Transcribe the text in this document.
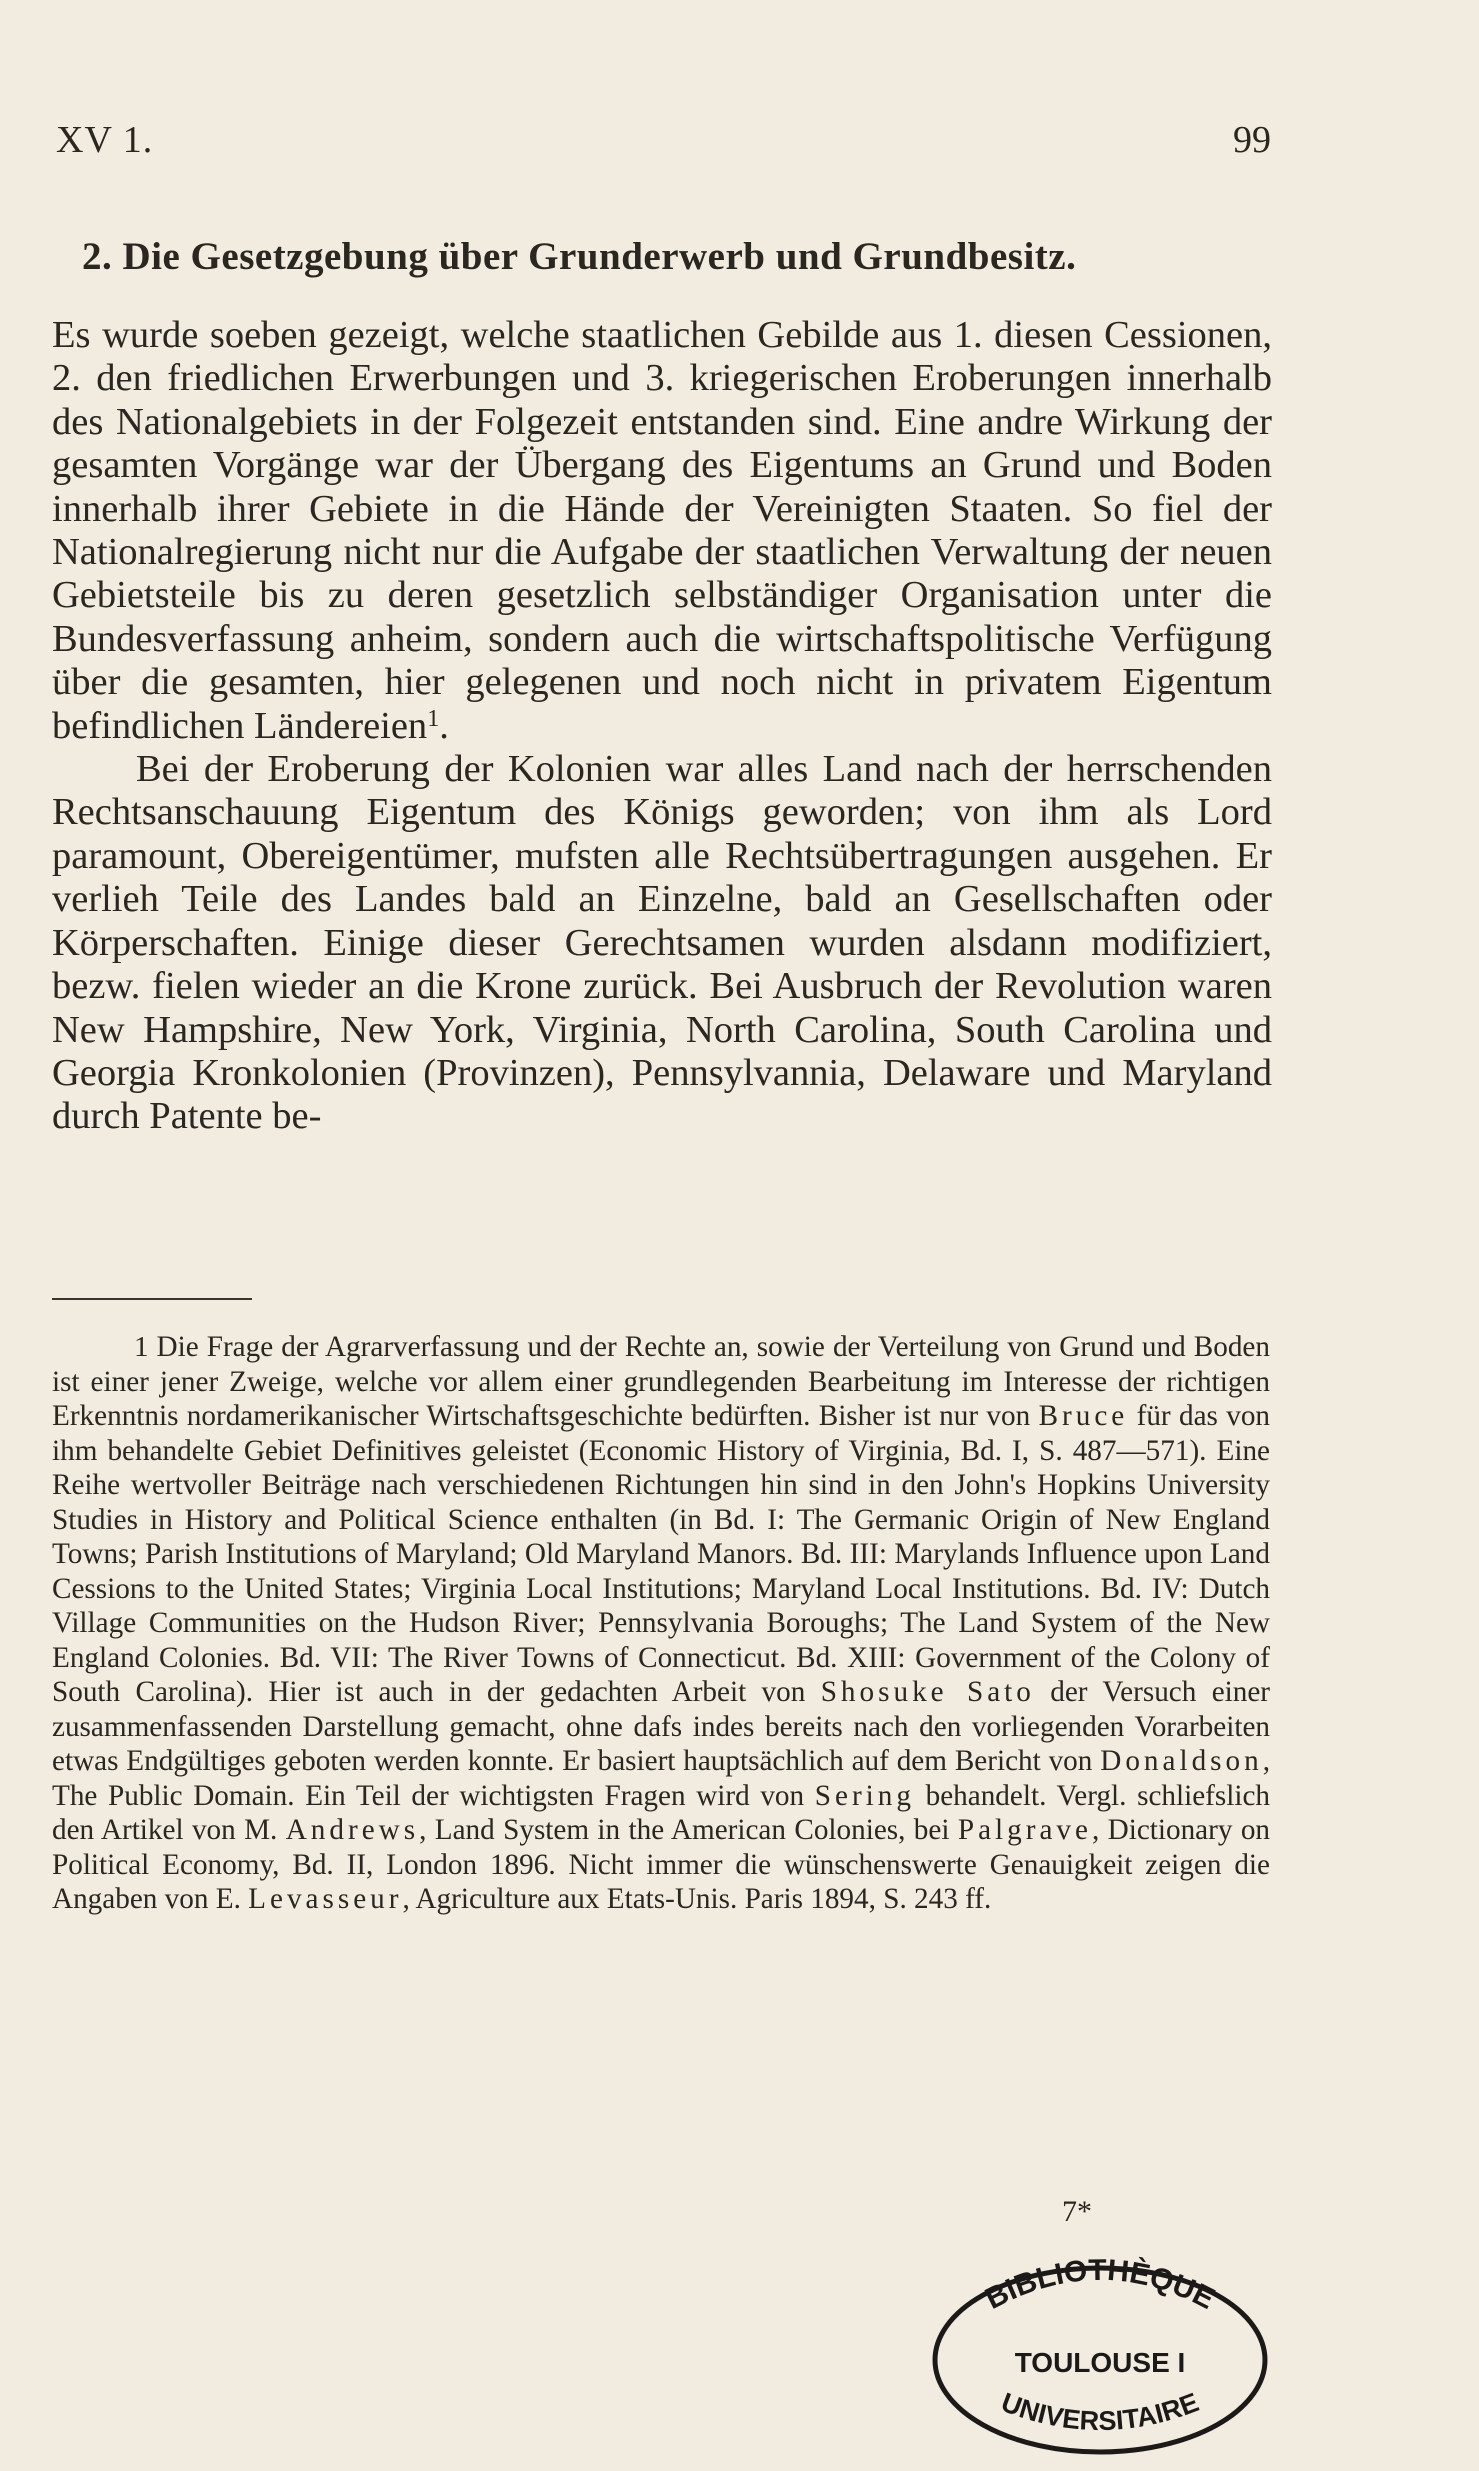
XV 1.	99
2. Die Gesetzgebung über Grunderwerb und Grundbesitz.

Es wurde soeben gezeigt, welche staatlichen Gebilde aus 1. diesen Cessionen, 2. den friedlichen Erwerbungen und 3. kriegerischen Eroberungen innerhalb des Nationalgebiets in der Folgezeit entstanden sind. Eine andre Wirkung der gesamten Vorgänge war der Übergang des Eigentums an Grund und Boden innerhalb ihrer Gebiete in die Hände der Vereinigten Staaten. So fiel der Nationalregierung nicht nur die Aufgabe der staatlichen Verwaltung der neuen Gebietsteile bis zu deren gesetzlich selbständiger Organisation unter die Bundesverfassung anheim, sondern auch die wirtschaftspolitische Verfügung über die gesamten, hier gelegenen und noch nicht in privatem Eigentum befindlichen Ländereien$^1$.

Bei der Eroberung der Kolonien war alles Land nach der herrschenden Rechtsanschauung Eigentum des Königs geworden; von ihm als Lord paramount, Obereigentümer, mufsten alle Rechtsübertragungen ausgehen. Er verlieh Teile des Landes bald an Einzelne, bald an Gesellschaften oder Körperschaften. Einige dieser Gerechtsamen wurden alsdann modifiziert, bezw. fielen wieder an die Krone zurück. Bei Ausbruch der Revolution waren New Hampshire, New York, Virginia, North Carolina, South Carolina und Georgia Kronkolonien (Provinzen), Pennsylvannia, Delaware und Maryland durch Patente be-

1 Die Frage der Agrarverfassung und der Rechte an, sowie der Verteilung von Grund und Boden ist einer jener Zweige, welche vor allem einer grundlegenden Bearbeitung im Interesse der richtigen Erkenntnis nordamerikanischer Wirtschaftsgeschichte bedürften. Bisher ist nur von Bruce für das von ihm behandelte Gebiet Definitives geleistet (Economic History of Virginia, Bd. I, S. 487—571). Eine Reihe wertvoller Beiträge nach verschiedenen Richtungen hin sind in den John's Hopkins University Studies in History and Political Science enthalten (in Bd. I: The Germanic Origin of New England Towns; Parish Institutions of Maryland; Old Maryland Manors. Bd. III: Marylands Influence upon Land Cessions to the United States; Virginia Local Institutions; Maryland Local Institutions. Bd. IV: Dutch Village Communities on the Hudson River; Pennsylvania Boroughs; The Land System of the New England Colonies. Bd. VII: The River Towns of Connecticut. Bd. XIII: Government of the Colony of South Carolina). Hier ist auch in der gedachten Arbeit von Shosuke Sato der Versuch einer zusammenfassenden Darstellung gemacht, ohne dafs indes bereits nach den vorliegenden Vorarbeiten etwas Endgültiges geboten werden konnte. Er basiert hauptsächlich auf dem Bericht von Donaldson, The Public Domain. Ein Teil der wichtigsten Fragen wird von Sering behandelt. Vergl. schliefslich den Artikel von M. Andrews, Land System in the American Colonies, bei Palgrave, Dictionary on Political Economy, Bd. II, London 1896. Nicht immer die wünschenswerte Genauigkeit zeigen die Angaben von E. Levasseur, Agriculture aux Etats-Unis. Paris 1894, S. 243 ff.

7*
BIBLIOTHÈQUE
TOULOUSE I
UNIVERSITAIRE
